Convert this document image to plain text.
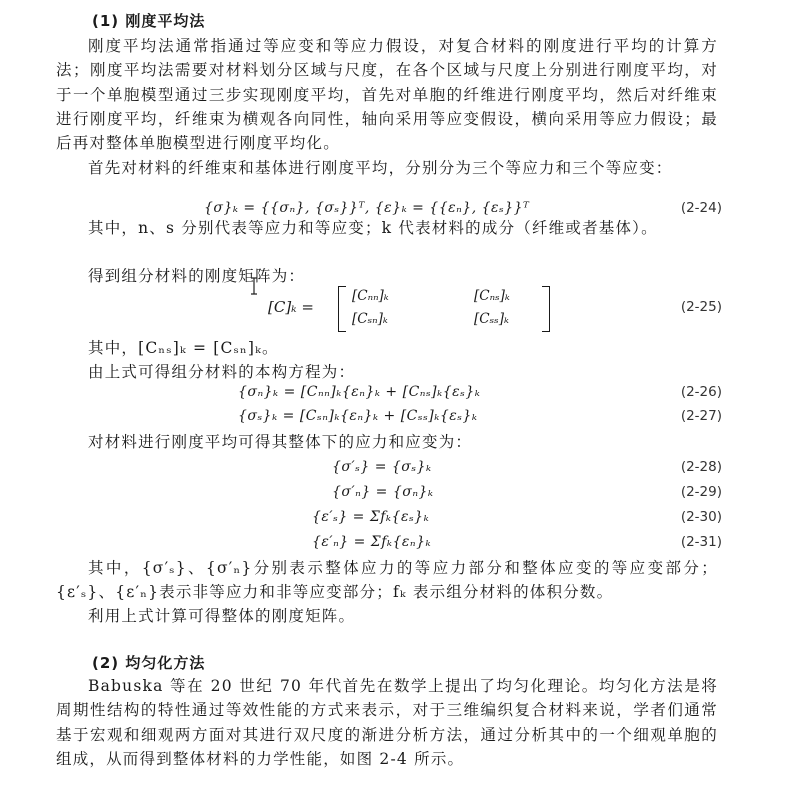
(1) 刚度平均法

刚度平均法通常指通过等应变和等应力假设，对复合材料的刚度进行平均的计算方法；刚度平均法需要对材料划分区域与尺度，在各个区域与尺度上分别进行刚度平均，对于一个单胞模型通过三步实现刚度平均，首先对单胞的纤维进行刚度平均，然后对纤维束进行刚度平均，纤维束为横观各向同性，轴向采用等应变假设，横向采用等应力假设；最后再对整体单胞模型进行刚度平均化。

首先对材料的纤维束和基体进行刚度平均，分别分为三个等应力和三个等应变：

{σ}ₖ = {{σₙ}, {σₛ}}ᵀ, {ε}ₖ = {{εₙ}, {εₛ}}ᵀ	(2-24)

其中，n、s 分别代表等应力和等应变；k 代表材料的成分（纤维或者基体）。

得到组分材料的刚度矩阵为：

[C]ₖ =
[Cₙₙ]ₖ	[Cₙₛ]ₖ
[Cₛₙ]ₖ	[Cₛₛ]ₖ
(2-25)

其中，[Cₙₛ]ₖ = [Cₛₙ]ₖ。

由上式可得组分材料的本构方程为：

{σₙ}ₖ = [Cₙₙ]ₖ{εₙ}ₖ + [Cₙₛ]ₖ{εₛ}ₖ	(2-26)
{σₛ}ₖ = [Cₛₙ]ₖ{εₙ}ₖ + [Cₛₛ]ₖ{εₛ}ₖ	(2-27)

对材料进行刚度平均可得其整体下的应力和应变为：

{σ′ₛ} = {σₛ}ₖ	(2-28)
{σ′ₙ} = {σₙ}ₖ	(2-29)
{ε′ₛ} = Σfₖ{εₛ}ₖ	(2-30)
{ε′ₙ} = Σfₖ{εₙ}ₖ	(2-31)

其中，{σ′ₛ}、{σ′ₙ}分别表示整体应力的等应力部分和整体应变的等应变部分；{ε′ₛ}、{ε′ₙ}表示非等应力和非等应变部分；fₖ 表示组分材料的体积分数。

利用上式计算可得整体的刚度矩阵。

(2) 均匀化方法

Babuska 等在 20 世纪 70 年代首先在数学上提出了均匀化理论。均匀化方法是将周期性结构的特性通过等效性能的方式来表示，对于三维编织复合材料来说，学者们通常基于宏观和细观两方面对其进行双尺度的渐进分析方法，通过分析其中的一个细观单胞的组成，从而得到整体材料的力学性能，如图 2-4 所示。
